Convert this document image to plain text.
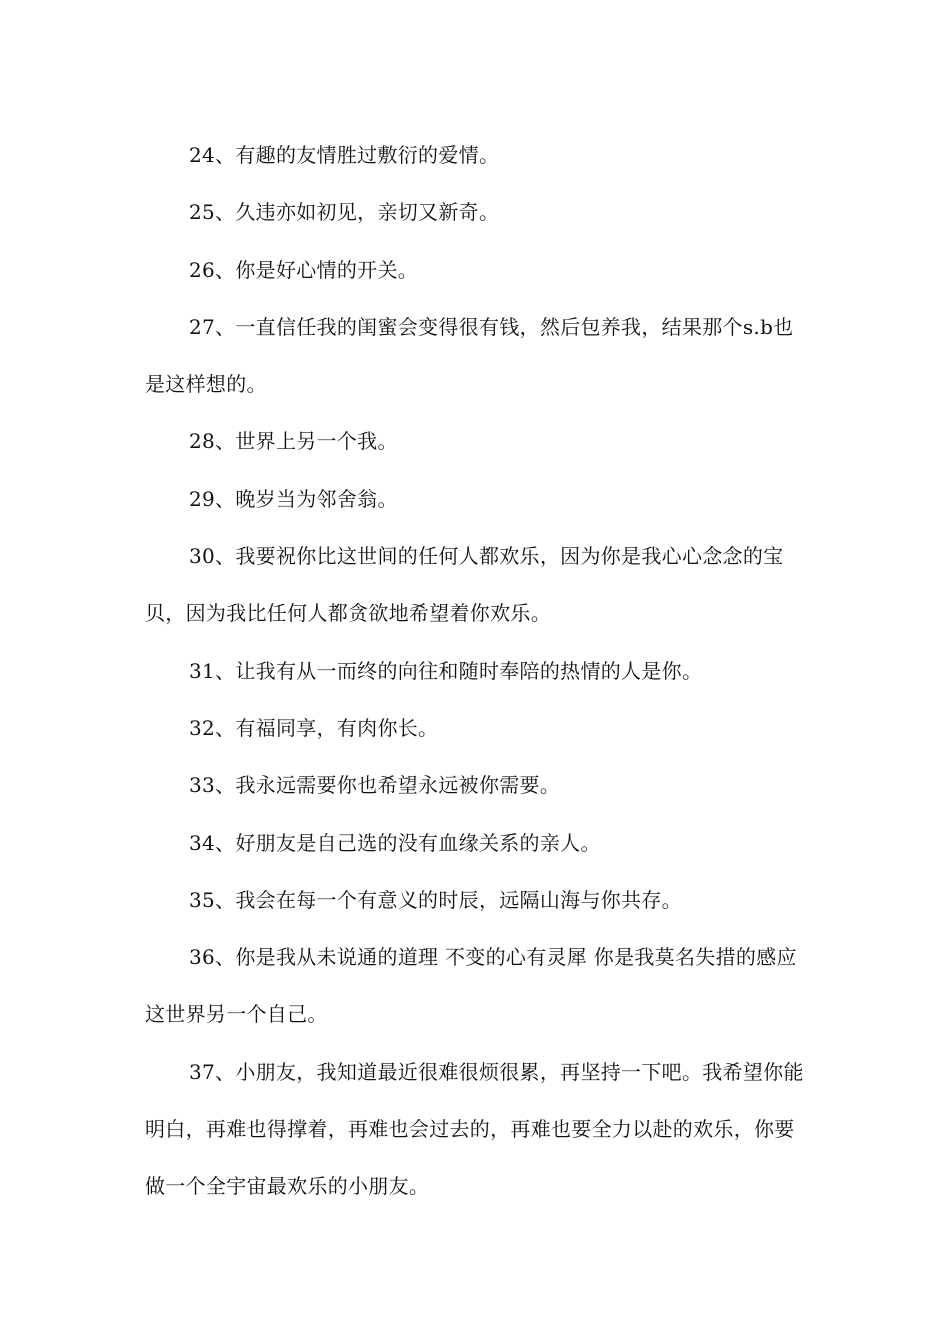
24、有趣的友情胜过敷衍的爱情。

25、久违亦如初见，亲切又新奇。

26、你是好心情的开关。

27、一直信任我的闺蜜会变得很有钱，然后包养我，结果那个s.b也是这样想的。

28、世界上另一个我。

29、晚岁当为邻舍翁。

30、我要祝你比这世间的任何人都欢乐，因为你是我心心念念的宝贝，因为我比任何人都贪欲地希望着你欢乐。

31、让我有从一而终的向往和随时奉陪的热情的人是你。

32、有福同享，有肉你长。

33、我永远需要你也希望永远被你需要。

34、好朋友是自己选的没有血缘关系的亲人。

35、我会在每一个有意义的时辰，远隔山海与你共存。

36、你是我从未说通的道理 不变的心有灵犀 你是我莫名失措的感应 这世界另一个自己。

37、小朋友，我知道最近很难很烦很累，再坚持一下吧。我希望你能明白，再难也得撑着，再难也会过去的，再难也要全力以赴的欢乐，你要做一个全宇宙最欢乐的小朋友。
